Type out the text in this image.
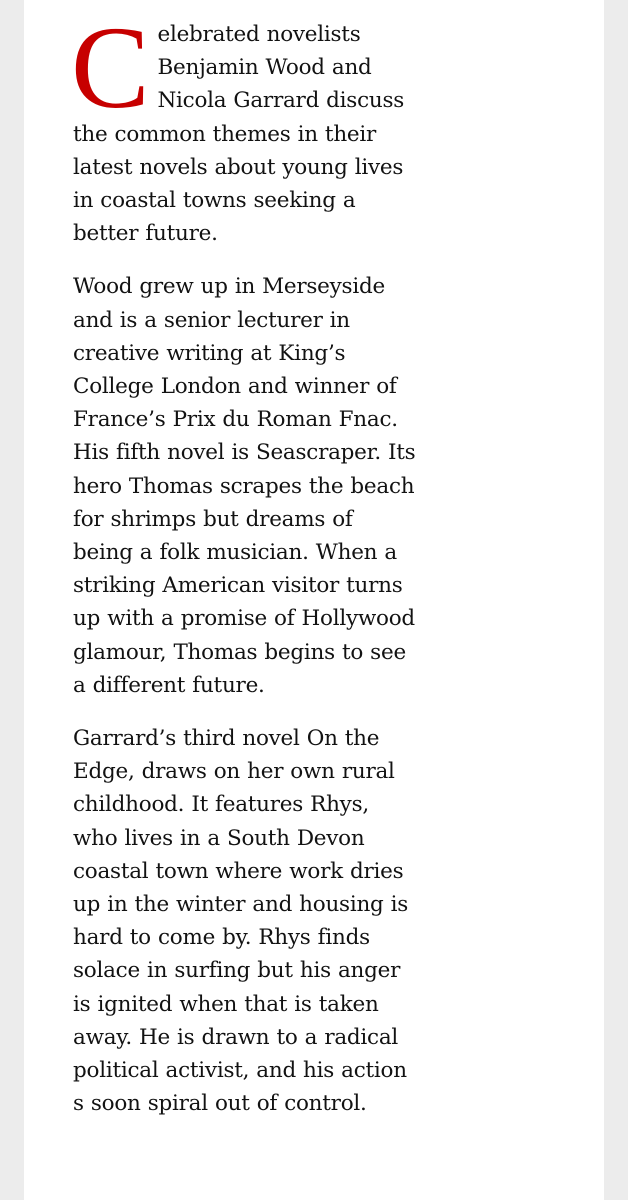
Celebrated novelists Benjamin Wood and Nicola Garrard discuss the common themes in their latest novels about young lives in coastal towns seeking a better future.

Wood grew up in Merseyside and is a senior lecturer in creative writing at King’s College London and winner of France’s Prix du Roman Fnac. His fifth novel is Seascraper. Its hero Thomas scrapes the beach for shrimps but dreams of being a folk musician. When a striking American visitor turns up with a promise of Hollywood glamour, Thomas begins to see a different future.

Garrard’s third novel On the Edge, draws on her own rural childhood. It features Rhys, who lives in a South Devon coastal town where work dries up in the winter and housing is hard to come by. Rhys finds solace in surfing but his anger is ignited when that is taken away. He is drawn to a radical political activist, and his action s soon spiral out of control.
